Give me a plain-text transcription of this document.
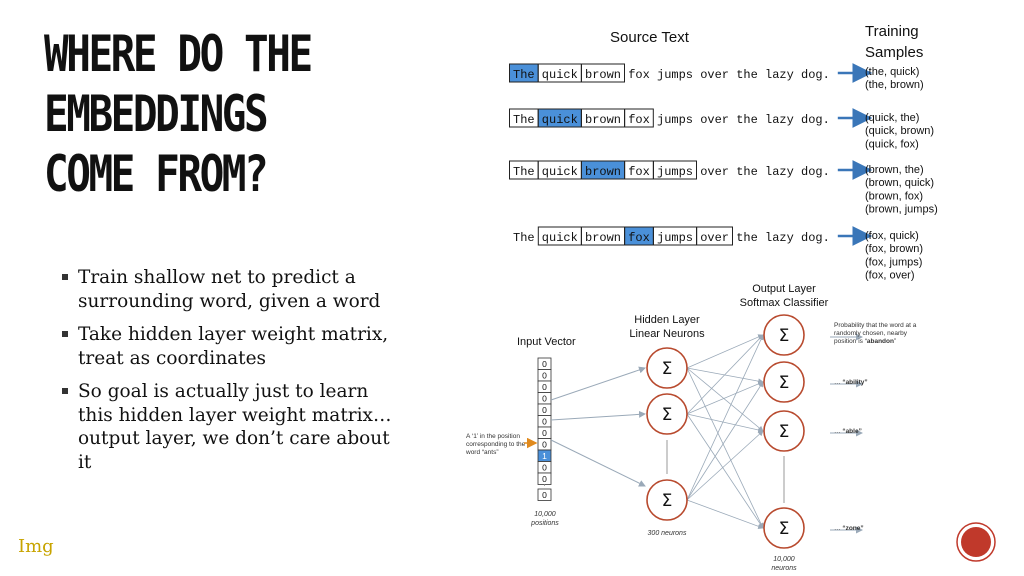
WHERE DO THE
EMBEDDINGS
COME FROM?
Train shallow net to predict a surrounding word, given a word
Take hidden layer weight matrix, treat as coordinates
So goal is actually just to learn this hidden layer weight matrix… output layer, we don’t care about it
Img
Source Text	Training
Samples
The quick brown fox jumps over the lazy dog.	(the, quick)
(the, brown)
The quick brown fox jumps over the lazy dog.	(quick, the)
(quick, brown)
(quick, fox)
The quick brown fox jumps over the lazy dog.	(brown, the)
(brown, quick)
(brown, fox)
(brown, jumps)
The quick brown fox jumps over the lazy dog.	(fox, quick)
(fox, brown)
(fox, jumps)
(fox, over)
Input Vector
0
0
0
0
0
0
0
0
1
0
0
0
10,000
positions
A ‘1’ in the position
corresponding to the
word “ants”
Hidden Layer
Linear Neurons
300 neurons
Output Layer
Softmax Classifier
10,000
neurons
Σ
Σ
Σ
Σ
Σ
Σ
Σ
Probability that the word at a
randomly chosen, nearby
position is “abandon”
… “ability”
… “able”
… “zone”
